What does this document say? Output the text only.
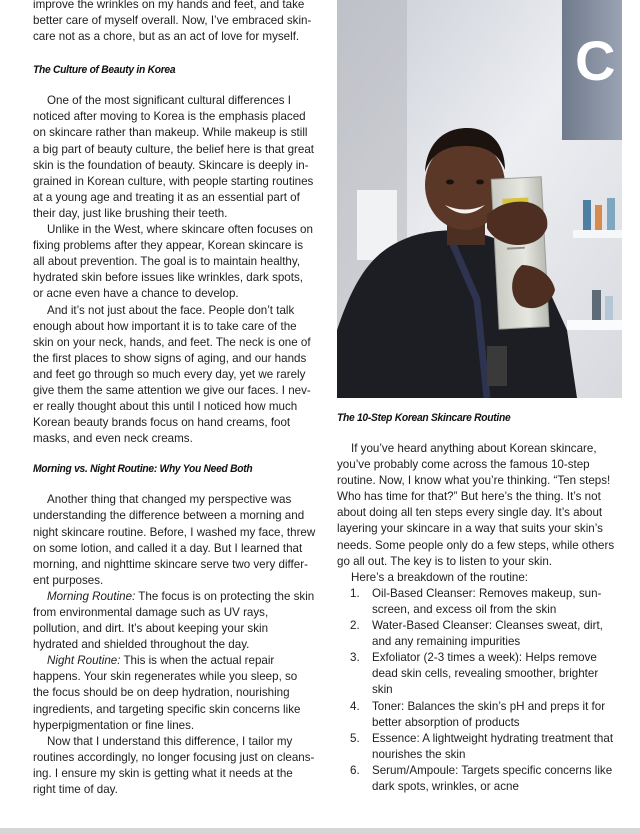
improve the wrinkles on my hands and feet, and take better care of myself overall. Now, I’ve embraced skin-care not as a chore, but as an act of love for myself.

The Culture of Beauty in Korea

One of the most significant cultural differences I noticed after moving to Korea is the emphasis placed on skincare rather than makeup. While makeup is still a big part of beauty culture, the belief here is that great skin is the foundation of beauty. Skincare is deeply in-grained in Korean culture, with people starting routines at a young age and treating it as an essential part of their day, just like brushing their teeth.

Unlike in the West, where skincare often focuses on fixing problems after they appear, Korean skincare is all about prevention. The goal is to maintain healthy, hydrated skin before issues like wrinkles, dark spots, or acne even have a chance to develop.

And it’s not just about the face. People don’t talk enough about how important it is to take care of the skin on your neck, hands, and feet. The neck is one of the first places to show signs of aging, and our hands and feet go through so much every day, yet we rarely give them the same attention we give our faces. I nev-er really thought about this until I noticed how much Korean beauty brands focus on hand creams, foot masks, and even neck creams.

Morning vs. Night Routine: Why You Need Both

Another thing that changed my perspective was understanding the difference between a morning and night skincare routine. Before, I washed my face, threw on some lotion, and called it a day. But I learned that morning, and nighttime skincare serve two very differ-ent purposes.

Morning Routine: The focus is on protecting the skin from environmental damage such as UV rays, pollution, and dirt. It’s about keeping your skin hydrated and shielded throughout the day.

Night Routine: This is when the actual repair happens. Your skin regenerates while you sleep, so the focus should be on deep hydration, nourishing ingredients, and targeting specific skin concerns like hyperpigmentation or fine lines.

Now that I understand this difference, I tailor my routines accordingly, no longer focusing just on cleans-ing. I ensure my skin is getting what it needs at the right time of day.

C

The 10-Step Korean Skincare Routine

If you’ve heard anything about Korean skincare, you’ve probably come across the famous 10-step routine. Now, I know what you’re thinking. “Ten steps! Who has time for that?” But here’s the thing. It’s not about doing all ten steps every single day. It’s about layering your skincare in a way that suits your skin’s needs. Some people only do a few steps, while others go all out. The key is to listen to your skin.

Here’s a breakdown of the routine:

1. Oil-Based Cleanser: Removes makeup, sun-screen, and excess oil from the skin
2. Water-Based Cleanser: Cleanses sweat, dirt, and any remaining impurities
3. Exfoliator (2-3 times a week): Helps remove dead skin cells, revealing smoother, brighter skin
4. Toner: Balances the skin’s pH and preps it for better absorption of products
5. Essence: A lightweight hydrating treatment that nourishes the skin
6. Serum/Ampoule: Targets specific concerns like dark spots, wrinkles, or acne
